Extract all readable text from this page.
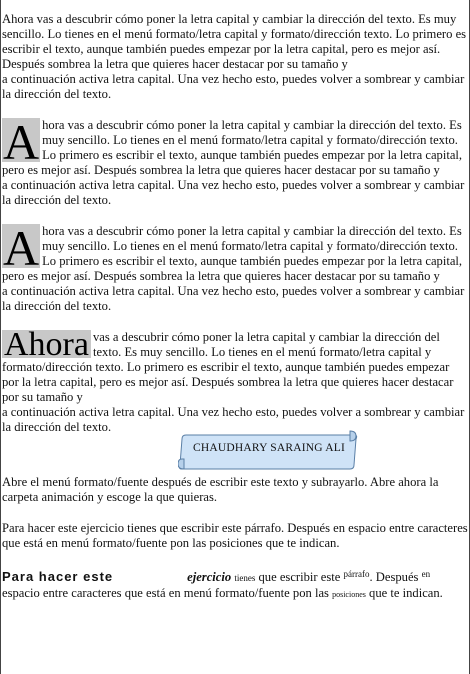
Ahora vas a descubrir cómo poner la letra capital y cambiar la dirección del texto. Es muy sencillo. Lo tienes en el menú formato/letra capital y formato/dirección texto. Lo primero es escribir el texto, aunque también puedes empezar por la letra capital, pero es mejor así. Después sombrea la letra que quieres hacer destacar por su tamaño y

a continuación activa letra capital. Una vez hecho esto, puedes volver a sombrear y cambiar la dirección del texto.

A hora vas a descubrir cómo poner la letra capital y cambiar la dirección del texto. Es muy sencillo. Lo tienes en el menú formato/letra capital y formato/dirección texto. Lo primero es escribir el texto, aunque también puedes empezar por la letra capital, pero es mejor así. Después sombrea la letra que quieres hacer destacar por su tamaño y

a continuación activa letra capital. Una vez hecho esto, puedes volver a sombrear y cambiar la dirección del texto.

A hora vas a descubrir cómo poner la letra capital y cambiar la dirección del texto. Es muy sencillo. Lo tienes en el menú formato/letra capital y formato/dirección texto. Lo primero es escribir el texto, aunque también puedes empezar por la letra capital, pero es mejor así. Después sombrea la letra que quieres hacer destacar por su tamaño y

a continuación activa letra capital. Una vez hecho esto, puedes volver a sombrear y cambiar la dirección del texto.

Ahora vas a descubrir cómo poner la letra capital y cambiar la dirección del texto. Es muy sencillo. Lo tienes en el menú formato/letra capital y formato/dirección texto. Lo primero es escribir el texto, aunque también puedes empezar por la letra capital, pero es mejor así. Después sombrea la letra que quieres hacer destacar por su tamaño y

a continuación activa letra capital. Una vez hecho esto, puedes volver a sombrear y cambiar la dirección del texto.

CHAUDHARY SARAING ALI

Abre el menú formato/fuente después de escribir este texto y subrayarlo. Abre ahora la carpeta animación y escoge la que quieras.

Para hacer este ejercicio tienes que escribir este párrafo. Después en espacio entre caracteres que está en menú formato/fuente pon las posiciones que te indican.

Para hacer este	ejercicio tienes que escribir este $^{párrafo}$. Después $^{en}$ espacio entre caracteres que está en menú formato/fuente pon las posiciones que te indican.
